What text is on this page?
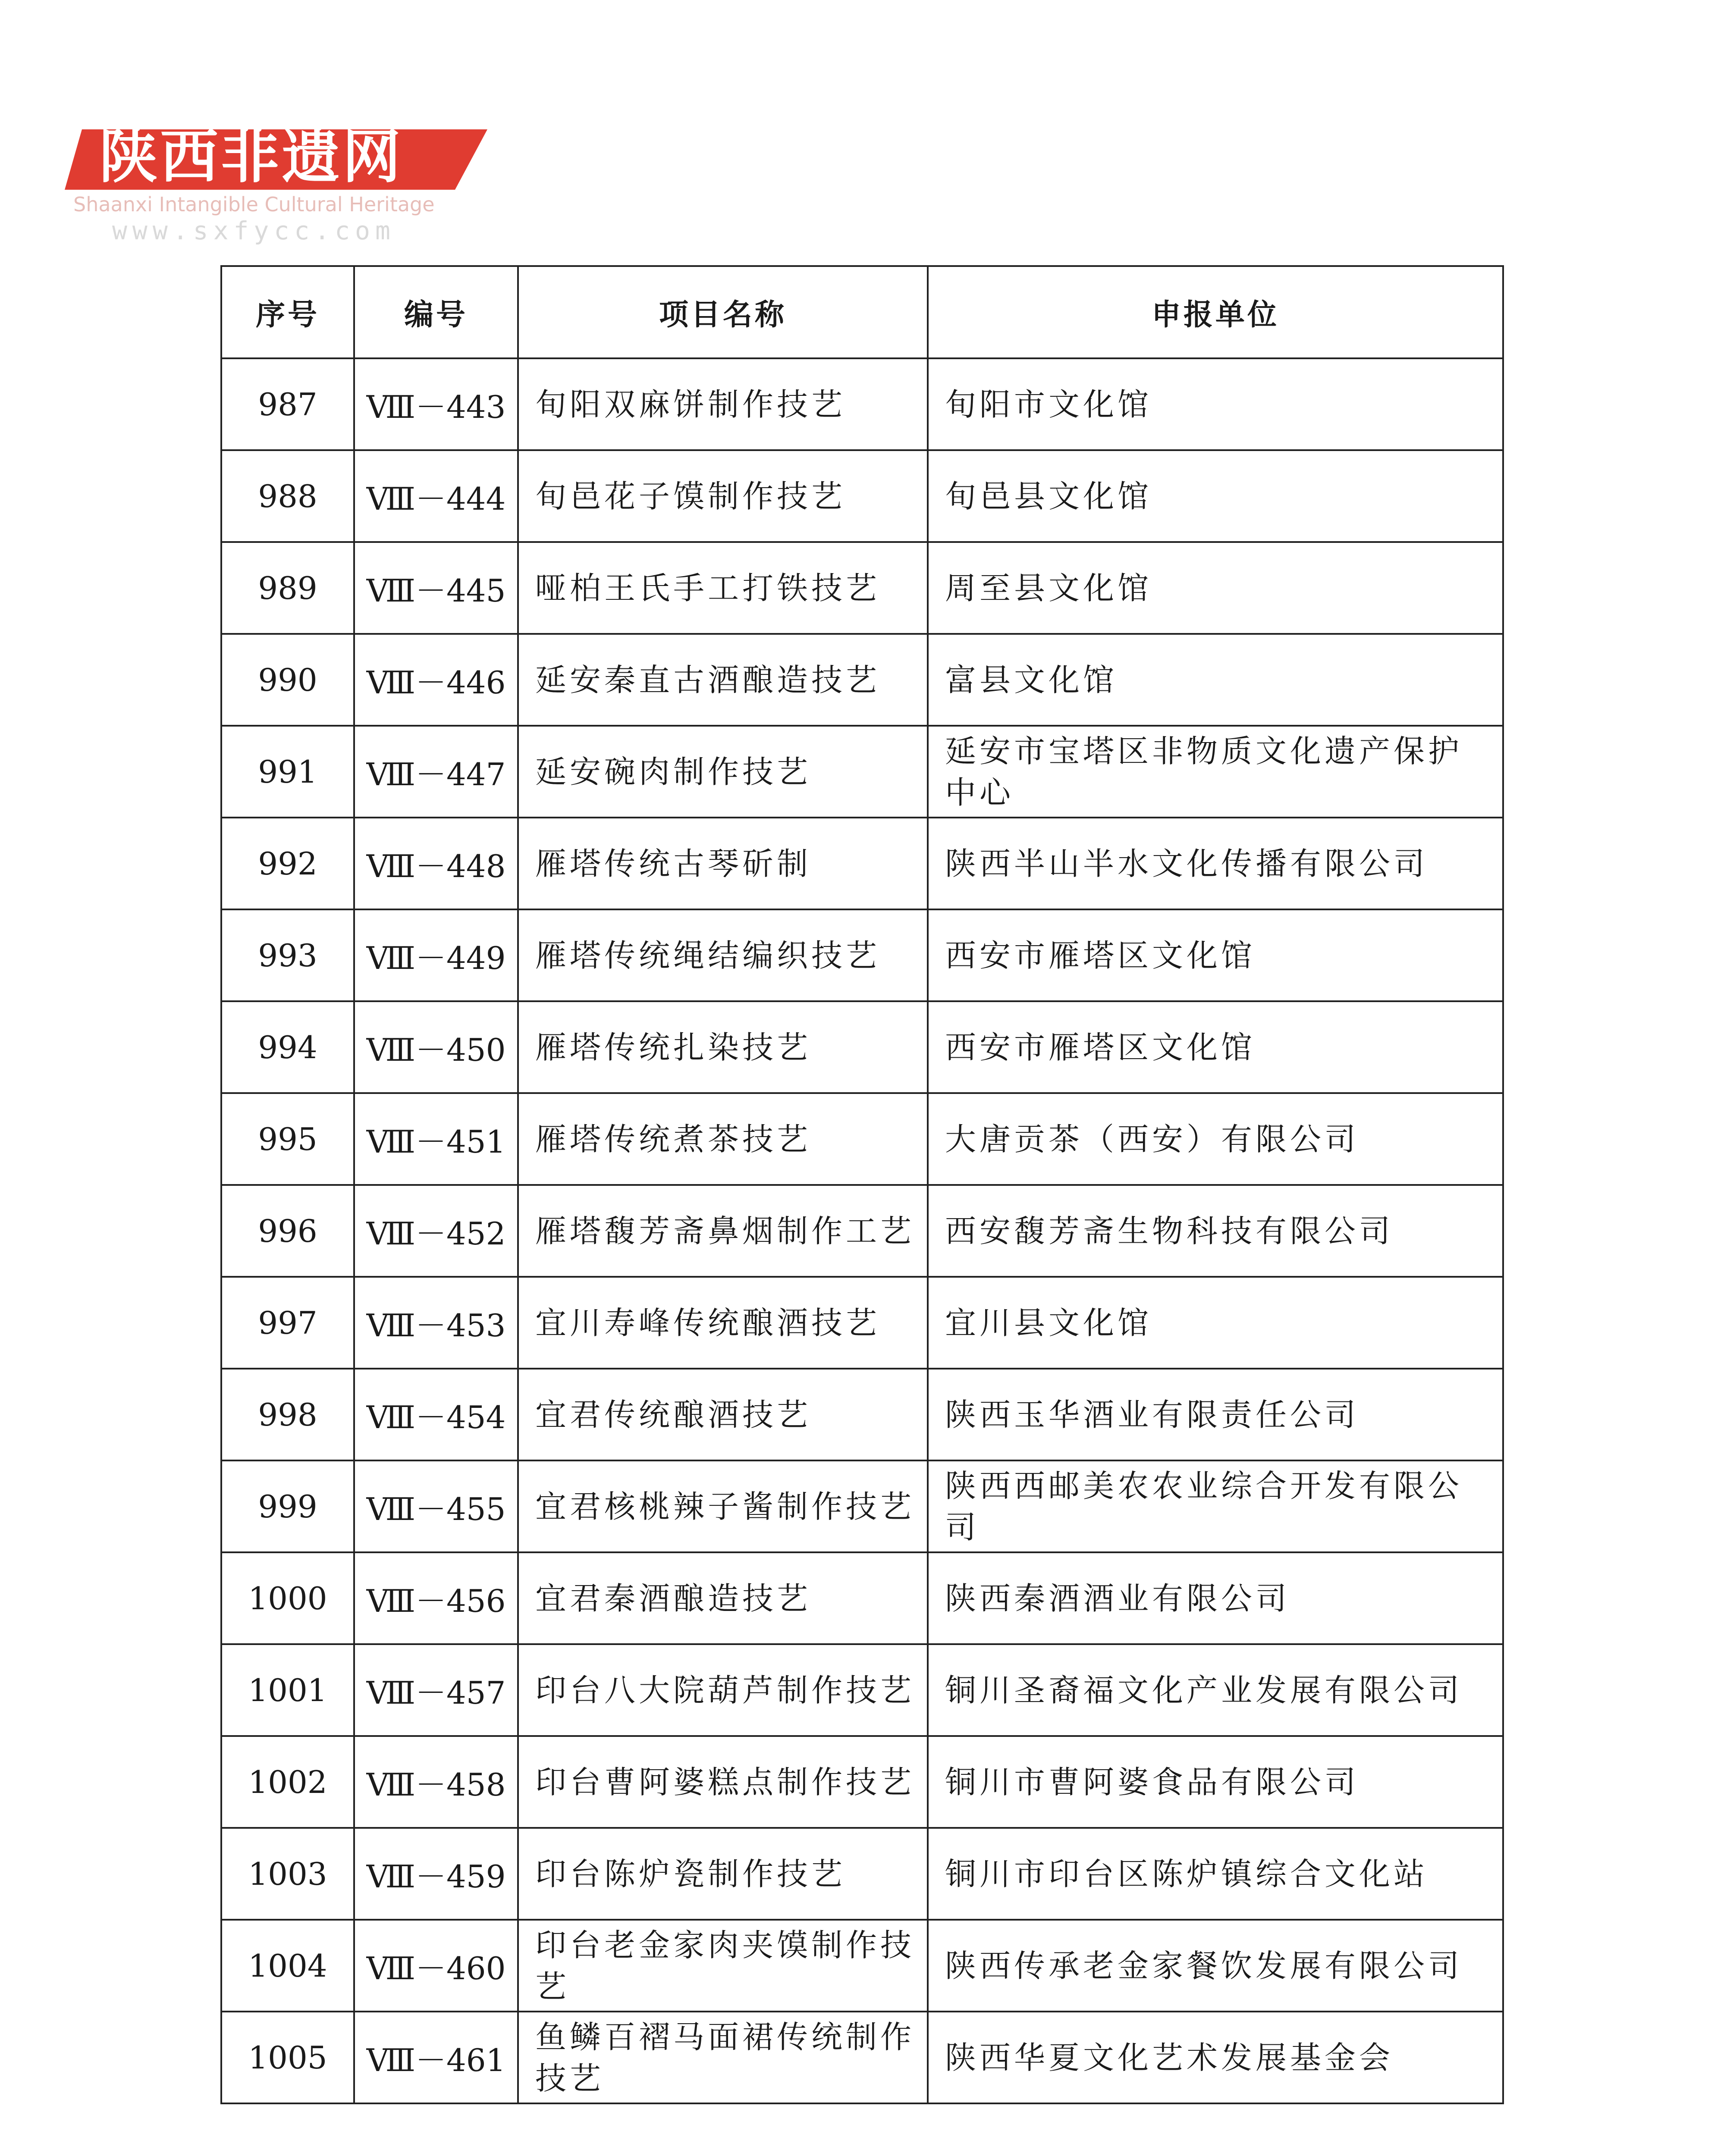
陕西非遗网
Shaanxi Intangible Cultural Heritage
www.sxfycc.com
序号	编号	项目名称	申报单位
987	Ⅷ－443	旬阳双麻饼制作技艺	旬阳市文化馆
988	Ⅷ－444	旬邑花子馍制作技艺	旬邑县文化馆
989	Ⅷ－445	哑柏王氏手工打铁技艺	周至县文化馆
990	Ⅷ－446	延安秦直古酒酿造技艺	富县文化馆
991	Ⅷ－447	延安碗肉制作技艺	延安市宝塔区非物质文化遗产保护中心
992	Ⅷ－448	雁塔传统古琴斫制	陕西半山半水文化传播有限公司
993	Ⅷ－449	雁塔传统绳结编织技艺	西安市雁塔区文化馆
994	Ⅷ－450	雁塔传统扎染技艺	西安市雁塔区文化馆
995	Ⅷ－451	雁塔传统煮茶技艺	大唐贡茶（西安）有限公司
996	Ⅷ－452	雁塔馥芳斋鼻烟制作工艺	西安馥芳斋生物科技有限公司
997	Ⅷ－453	宜川寿峰传统酿酒技艺	宜川县文化馆
998	Ⅷ－454	宜君传统酿酒技艺	陕西玉华酒业有限责任公司
999	Ⅷ－455	宜君核桃辣子酱制作技艺	陕西西邮美农农业综合开发有限公司
1000	Ⅷ－456	宜君秦酒酿造技艺	陕西秦酒酒业有限公司
1001	Ⅷ－457	印台八大院葫芦制作技艺	铜川圣裔福文化产业发展有限公司
1002	Ⅷ－458	印台曹阿婆糕点制作技艺	铜川市曹阿婆食品有限公司
1003	Ⅷ－459	印台陈炉瓷制作技艺	铜川市印台区陈炉镇综合文化站
1004	Ⅷ－460	印台老金家肉夹馍制作技艺	陕西传承老金家餐饮发展有限公司
1005	Ⅷ－461	鱼鳞百褶马面裙传统制作技艺	陕西华夏文化艺术发展基金会
